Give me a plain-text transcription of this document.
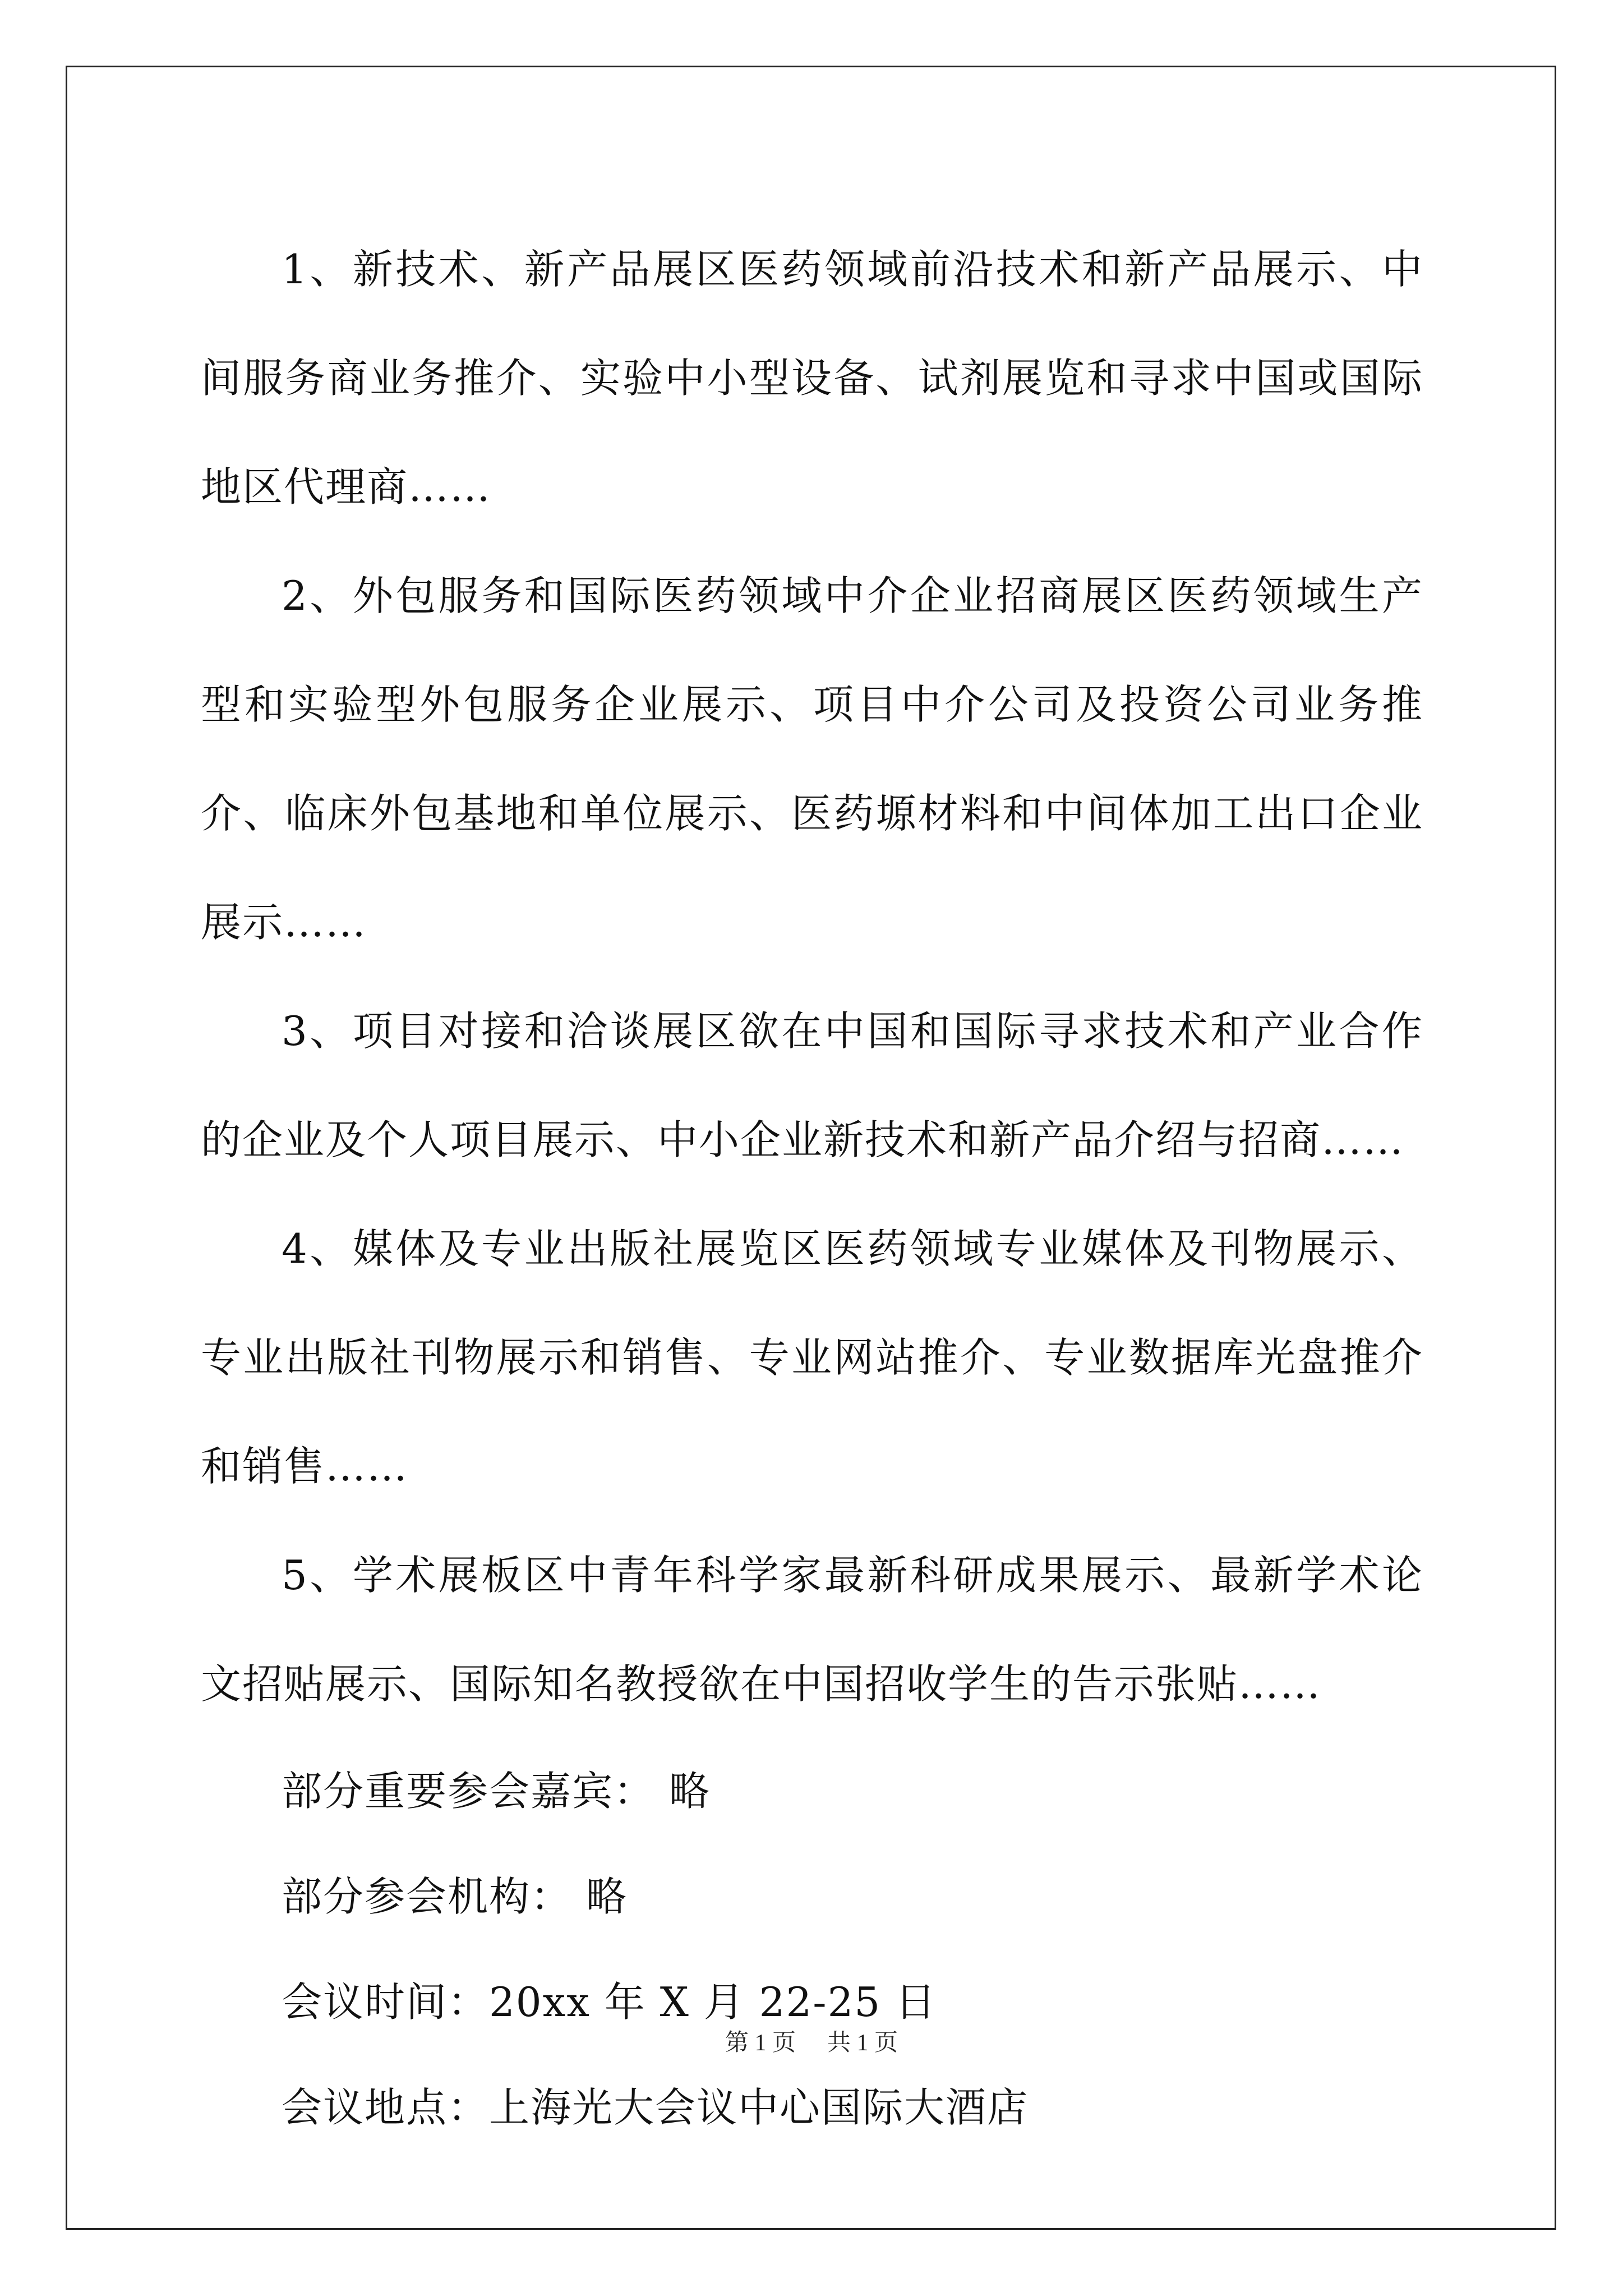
1、新技术、新产品展区医药领域前沿技术和新产品展示、中间服务商业务推介、实验中小型设备、试剂展览和寻求中国或国际地区代理商……

2、外包服务和国际医药领域中介企业招商展区医药领域生产型和实验型外包服务企业展示、项目中介公司及投资公司业务推介、临床外包基地和单位展示、医药塬材料和中间体加工出口企业展示……

3、项目对接和洽谈展区欲在中国和国际寻求技术和产业合作的企业及个人项目展示、中小企业新技术和新产品介绍与招商……

4、媒体及专业出版社展览区医药领域专业媒体及刊物展示、专业出版社刊物展示和销售、专业网站推介、专业数据库光盘推介和销售……

5、学术展板区中青年科学家最新科研成果展示、最新学术论文招贴展示、国际知名教授欲在中国招收学生的告示张贴……

部分重要参会嘉宾： 略

部分参会机构： 略

会议时间：20xx 年 X 月 22-25 日

会议地点：上海光大会议中心国际大酒店

第 1 页 共 1 页
